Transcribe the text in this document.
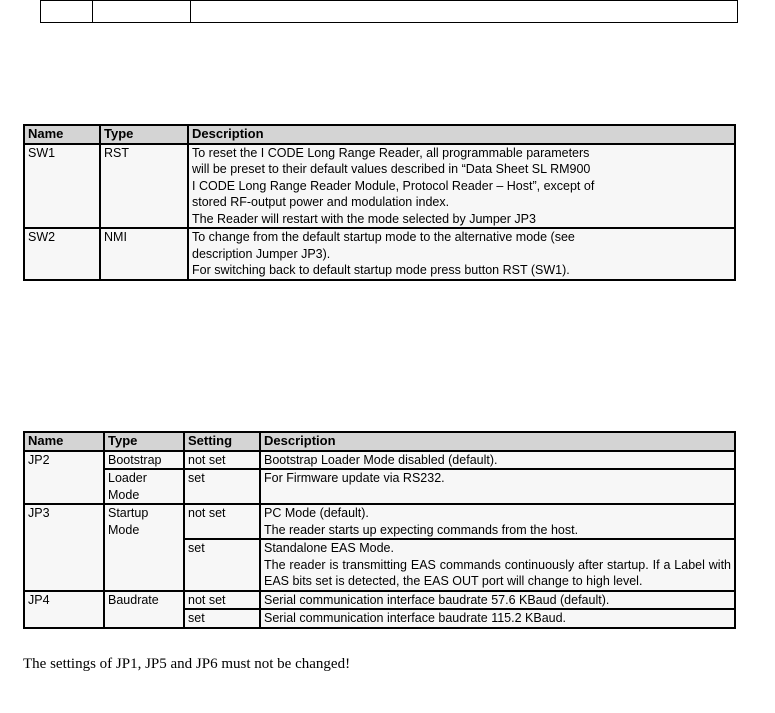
Name	Type	Description
SW1	RST	To reset the I CODE Long Range Reader, all programmable parameters
will be preset to their default values described in “Data Sheet SL RM900
I CODE Long Range Reader Module, Protocol Reader – Host”, except of
stored RF-output power and modulation index.
The Reader will restart with the mode selected by Jumper JP3

SW2	NMI	To change from the default startup mode to the alternative mode (see
description Jumper JP3).
For switching back to default startup mode press button RST (SW1).
Name	Type	Setting	Description
JP2	Bootstrap	not set	Bootstrap Loader Mode disabled (default).
	Loader Mode	set	For Firmware update via RS232.
JP3	Startup Mode	not set	PC Mode (default).
The reader starts up expecting commands from the host.

		set	Standalone EAS Mode.
The reader is transmitting EAS commands continuously after startup. If a Label with EAS bits set is detected, the EAS OUT port will change to high level.

JP4	Baudrate	not set	Serial communication interface baudrate 57.6 KBaud (default).
		set	Serial communication interface baudrate 115.2 KBaud.
The settings of JP1, JP5 and JP6 must not be changed!
